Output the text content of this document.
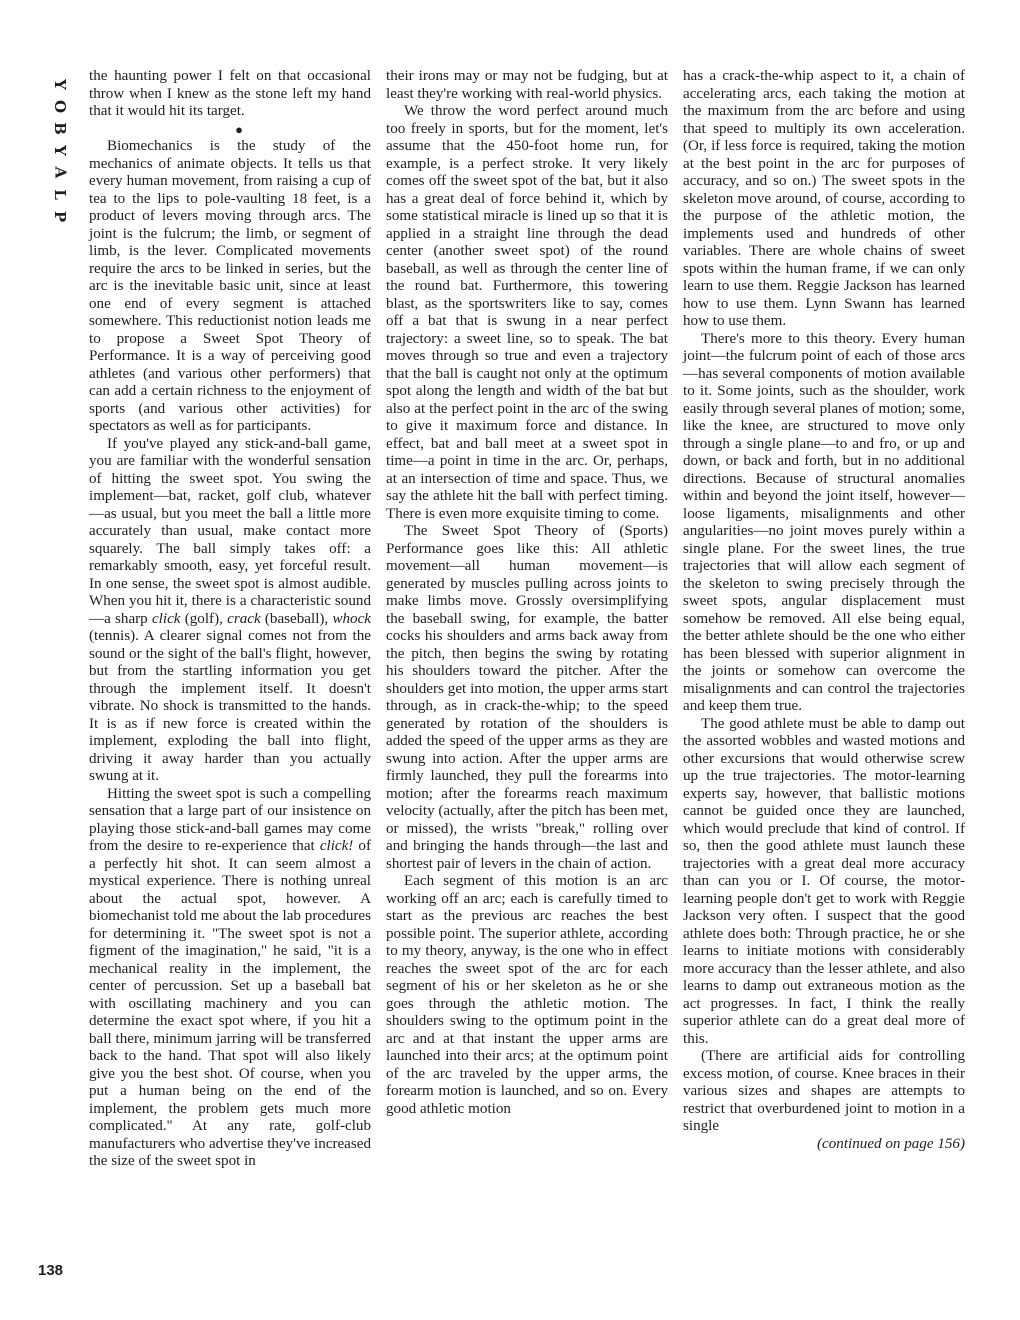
Y
O
B
Y
A
L
P
138

the haunting power I felt on that occasional throw when I knew as the stone left my hand that it would hit its target.

●

Biomechanics is the study of the mechanics of animate objects. It tells us that every human movement, from raising a cup of tea to the lips to pole-vaulting 18 feet, is a product of levers moving through arcs. The joint is the fulcrum; the limb, or segment of limb, is the lever. Complicated movements require the arcs to be linked in series, but the arc is the inevitable basic unit, since at least one end of every segment is attached somewhere. This reductionist notion leads me to propose a Sweet Spot Theory of Performance. It is a way of perceiving good athletes (and various other performers) that can add a certain richness to the enjoyment of sports (and various other activities) for spectators as well as for participants.

If you've played any stick-and-ball game, you are familiar with the wonderful sensation of hitting the sweet spot. You swing the implement—bat, racket, golf club, whatever—as usual, but you meet the ball a little more accurately than usual, make contact more squarely. The ball simply takes off: a remarkably smooth, easy, yet forceful result. In one sense, the sweet spot is almost audible. When you hit it, there is a characteristic sound—a sharp click (golf), crack (baseball), whock (tennis). A clearer signal comes not from the sound or the sight of the ball's flight, however, but from the startling information you get through the implement itself. It doesn't vibrate. No shock is transmitted to the hands. It is as if new force is created within the implement, exploding the ball into flight, driving it away harder than you actually swung at it.

Hitting the sweet spot is such a compelling sensation that a large part of our insistence on playing those stick-and-ball games may come from the desire to re-experience that click! of a perfectly hit shot. It can seem almost a mystical experience. There is nothing unreal about the actual spot, however. A biomechanist told me about the lab procedures for determining it. "The sweet spot is not a figment of the imagination," he said, "it is a mechanical reality in the implement, the center of percussion. Set up a baseball bat with oscillating machinery and you can determine the exact spot where, if you hit a ball there, minimum jarring will be transferred back to the hand. That spot will also likely give you the best shot. Of course, when you put a human being on the end of the implement, the problem gets much more complicated." At any rate, golf-club manufacturers who advertise they've increased the size of the sweet spot in

their irons may or may not be fudging, but at least they're working with real-world physics.

We throw the word perfect around much too freely in sports, but for the moment, let's assume that the 450-foot home run, for example, is a perfect stroke. It very likely comes off the sweet spot of the bat, but it also has a great deal of force behind it, which by some statistical miracle is lined up so that it is applied in a straight line through the dead center (another sweet spot) of the round baseball, as well as through the center line of the round bat. Furthermore, this towering blast, as the sportswriters like to say, comes off a bat that is swung in a near perfect trajectory: a sweet line, so to speak. The bat moves through so true and even a trajectory that the ball is caught not only at the optimum spot along the length and width of the bat but also at the perfect point in the arc of the swing to give it maximum force and distance. In effect, bat and ball meet at a sweet spot in time—a point in time in the arc. Or, perhaps, at an intersection of time and space. Thus, we say the athlete hit the ball with perfect timing. There is even more exquisite timing to come.

The Sweet Spot Theory of (Sports) Performance goes like this: All athletic movement—all human movement—is generated by muscles pulling across joints to make limbs move. Grossly oversimplifying the baseball swing, for example, the batter cocks his shoulders and arms back away from the pitch, then begins the swing by rotating his shoulders toward the pitcher. After the shoulders get into motion, the upper arms start through, as in crack-the-whip; to the speed generated by rotation of the shoulders is added the speed of the upper arms as they are swung into action. After the upper arms are firmly launched, they pull the forearms into motion; after the forearms reach maximum velocity (actually, after the pitch has been met, or missed), the wrists "break," rolling over and bringing the hands through—the last and shortest pair of levers in the chain of action.

Each segment of this motion is an arc working off an arc; each is carefully timed to start as the previous arc reaches the best possible point. The superior athlete, according to my theory, anyway, is the one who in effect reaches the sweet spot of the arc for each segment of his or her skeleton as he or she goes through the athletic motion. The shoulders swing to the optimum point in the arc and at that instant the upper arms are launched into their arcs; at the optimum point of the arc traveled by the upper arms, the forearm motion is launched, and so on. Every good athletic motion

has a crack-the-whip aspect to it, a chain of accelerating arcs, each taking the motion at the maximum from the arc before and using that speed to multiply its own acceleration. (Or, if less force is required, taking the motion at the best point in the arc for purposes of accuracy, and so on.) The sweet spots in the skeleton move around, of course, according to the purpose of the athletic motion, the implements used and hundreds of other variables. There are whole chains of sweet spots within the human frame, if we can only learn to use them. Reggie Jackson has learned how to use them. Lynn Swann has learned how to use them.

There's more to this theory. Every human joint—the fulcrum point of each of those arcs—has several components of motion available to it. Some joints, such as the shoulder, work easily through several planes of motion; some, like the knee, are structured to move only through a single plane—to and fro, or up and down, or back and forth, but in no additional directions. Because of structural anomalies within and beyond the joint itself, however—loose ligaments, misalignments and other angularities—no joint moves purely within a single plane. For the sweet lines, the true trajectories that will allow each segment of the skeleton to swing precisely through the sweet spots, angular displacement must somehow be removed. All else being equal, the better athlete should be the one who either has been blessed with superior alignment in the joints or somehow can overcome the misalignments and can control the trajectories and keep them true.

The good athlete must be able to damp out the assorted wobbles and wasted motions and other excursions that would otherwise screw up the true trajectories. The motor-learning experts say, however, that ballistic motions cannot be guided once they are launched, which would preclude that kind of control. If so, then the good athlete must launch these trajectories with a great deal more accuracy than can you or I. Of course, the motor-learning people don't get to work with Reggie Jackson very often. I suspect that the good athlete does both: Through practice, he or she learns to initiate motions with considerably more accuracy than the lesser athlete, and also learns to damp out extraneous motion as the act progresses. In fact, I think the really superior athlete can do a great deal more of this.

(There are artificial aids for controlling excess motion, of course. Knee braces in their various sizes and shapes are attempts to restrict that overburdened joint to motion in a single

(continued on page 156)
